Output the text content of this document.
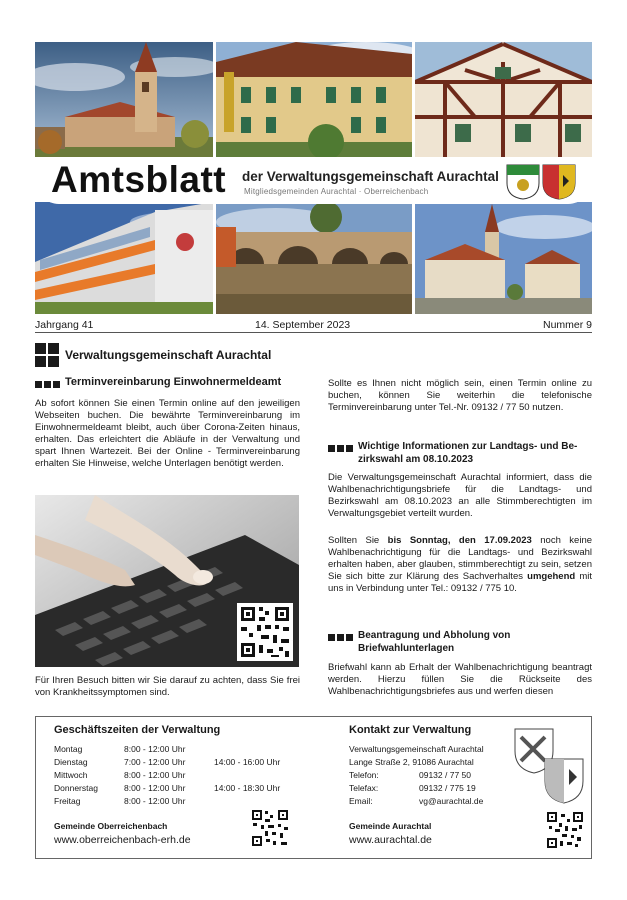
Amtsblatt der Verwaltungsgemeinschaft Aurachtal
Mitgliedsgemeinden Aurachtal · Oberreichenbach
Jahrgang 41	14. September 2023	Nummer 9
Verwaltungsgemeinschaft Aurachtal
Terminvereinbarung Einwohnermeldeamt
Ab sofort können Sie einen Termin online auf den jeweiligen Webseiten buchen. Die bewährte Terminvereinbarung im Einwohnermeldeamt bleibt, auch über Corona-Zeiten hinaus, erhalten. Das erleichtert die Abläufe in der Verwaltung und spart Ihnen Wartezeit. Bei der Online - Terminvereinbarung erhalten Sie Hinweise, welche Unterlagen benötigt werden.
Für Ihren Besuch bitten wir Sie darauf zu achten, dass Sie frei von Krankheitssymptomen sind.
Sollte es Ihnen nicht möglich sein, einen Termin online zu buchen, können Sie weiterhin die telefonische Terminvereinbarung unter Tel.-Nr. 09132 / 77 50 nutzen.
Wichtige Informationen zur Landtags- und Be-
zirkswahl am 08.10.2023
Die Verwaltungsgemeinschaft Aurachtal informiert, dass die Wahlbenachrichtigungsbriefe für die Landtags- und Bezirkswahl am 08.10.2023 an alle Stimmberechtigten im Verwaltungsgebiet verteilt wurden.
Sollten Sie bis Sonntag, den 17.09.2023 noch keine Wahlbenachrichtigung für die Landtags- und Bezirkswahl erhalten haben, aber glauben, stimmberechtigt zu sein, setzen Sie sich bitte zur Klärung des Sachverhaltes umgehend mit uns in Verbindung unter Tel.: 09132 / 775 10.
Beantragung und Abholung von
Briefwahlunterlagen
Briefwahl kann ab Erhalt der Wahlbenachrichtigung beantragt werden. Hierzu füllen Sie die Rückseite des Wahlbenachrichtigungsbriefes aus und werfen diesen
Geschäftszeiten der Verwaltung
Montag	8:00 - 12:00 Uhr
Dienstag	7:00 - 12:00 Uhr	14:00 - 16:00 Uhr
Mittwoch	8:00 - 12:00 Uhr
Donnerstag	8:00 - 12:00 Uhr	14:00 - 18:30 Uhr
Freitag	8:00 - 12:00 Uhr
Kontakt zur Verwaltung
Verwaltungsgemeinschaft Aurachtal
Lange Straße 2, 91086 Aurachtal
Telefon:	09132 / 77 50
Telefax:	09132 / 775 19
Email:	vg@aurachtal.de
Gemeinde Oberreichenbach
www.oberreichenbach-erh.de
Gemeinde Aurachtal
www.aurachtal.de
